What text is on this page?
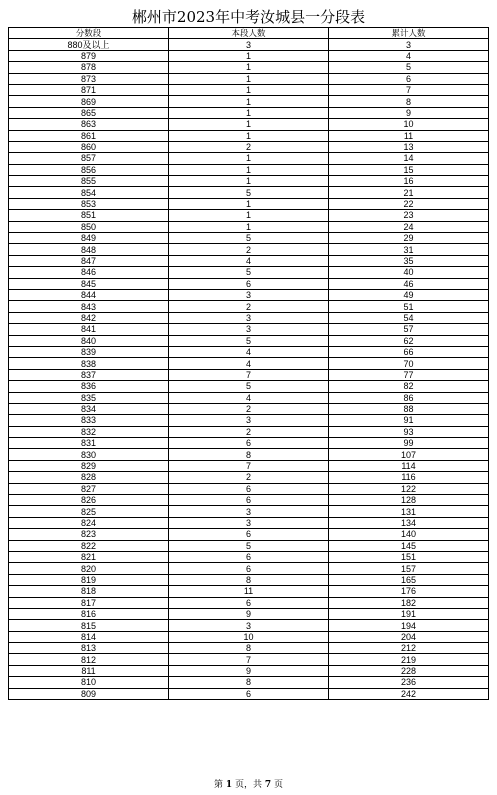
郴州市2023年中考汝城县一分段表
分数段	本段人数	累计人数
880及以上	3	3
879	1	4
878	1	5
873	1	6
871	1	7
869	1	8
865	1	9
863	1	10
861	1	11
860	2	13
857	1	14
856	1	15
855	1	16
854	5	21
853	1	22
851	1	23
850	1	24
849	5	29
848	2	31
847	4	35
846	5	40
845	6	46
844	3	49
843	2	51
842	3	54
841	3	57
840	5	62
839	4	66
838	4	70
837	7	77
836	5	82
835	4	86
834	2	88
833	3	91
832	2	93
831	6	99
830	8	107
829	7	114
828	2	116
827	6	122
826	6	128
825	3	131
824	3	134
823	6	140
822	5	145
821	6	151
820	6	157
819	8	165
818	11	176
817	6	182
816	9	191
815	3	194
814	10	204
813	8	212
812	7	219
811	9	228
810	8	236
809	6	242
第 1 页，共 7 页
